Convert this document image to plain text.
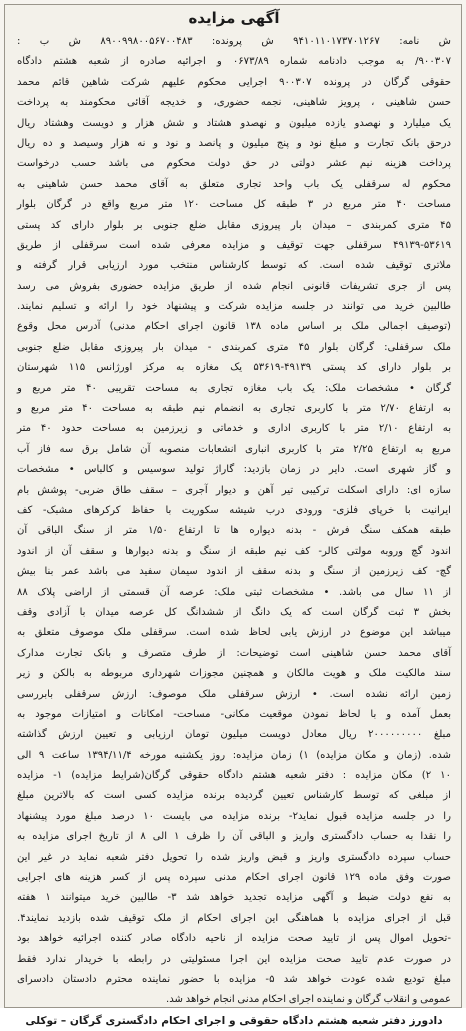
آگهی مزایده
ش نامه: ۹۴۱۰۱۱۰۱۷۳۷۰۱۲۶۷ ش پرونده: ۸۹۰۰۹۹۸۰۰۵۶۷۰۰۴۸۳ ش ب :
۹۰۰۳۰۷/ به موجب دادنامه شماره ۰۶۷۳/۸۹ و اجرائیه صادره از شعبه هشتم دادگاه
حقوقی گرگان در پرونده ۹۰۰۳۰۷ اجرایی محکوم علیهم شرکت شاهین قائم محمد
حسن شاهینی ، پرویز شاهینی، نجمه حضوری، و خدیجه آقائی محکومند به پرداخت
یک میلیارد و نهصدو یازده میلیون و نهصدو هشتاد و شش هزار و دویست وهشتاد ریال
درحق بانک تجارت و مبلغ نود و پنج میلیون و پانصد و نود و نه هزار وسیصد و ده ریال
پرداخت هزینه نیم عشر دولتی در حق دولت محکوم می باشد حسب درخواست
محکوم له سرقفلی یک باب واحد تجاری متعلق به آقای محمد حسن شاهینی به
مساحت ۴۰ متر مربع در ۳ طبقه کل مساحت ۱۲۰ متر مربع واقع در گرگان بلوار
۴۵ متری کمربندی – میدان بار پیروزی مقابل ضلع جنوبی بر بلوار دارای کد پستی
۴۹۱۳۹-۵۳۶۱۹ سرقفلی جهت توقیف و مزایده معرفی شده است سرقفلی از طریق
ملاتری توقیف شده است. که توسط کارشناس منتخب مورد ارزیابی قرار گرفته و
پس از جری تشریفات قانونی انجام شده از طریق مزایده حضوری بفروش می رسد
طالبین خرید می توانند در جلسه مزایده شرکت و پیشنهاد خود را ارائه و تسلیم نمایند.
(توصیف اجمالی ملک بر اساس ماده ۱۳۸ قانون اجرای احکام مدنی) آدرس محل وقوع
ملک سرقفلی: گرگان بلوار ۴۵ متری کمربندی - میدان بار پیروزی مقابل ضلع جنوبی
بر بلوار دارای کد پستی ۴۹۱۳۹-۵۳۶۱۹ یک مغازه به مرکز اورژانس ۱۱۵ شهرستان
گرگان • مشخصات ملک: یک باب مغازه تجاری به مساحت تقریبی ۴۰ متر مربع و
به ارتفاع ۲/۷۰ متر با کاربری تجاری به انضمام نیم طبقه به مساحت ۴۰ متر مربع و
به ارتفاع ۲/۱۰ متر با کاربری اداری و خدماتی و زیرزمین به مساحت حدود ۴۰ متر
مربع به ارتفاع ۲/۲۵ متر با کاربری انباری انشعابات منصوبه آن شامل برق سه فاز آب
و گاز شهری است. دایر در زمان بازدید: گاراژ تولید سوسیس و کالباس • مشخصات
سازه ای: دارای اسکلت ترکیبی تیر آهن و دیوار آجری – سقف طاق ضربی- پوشش بام
ایرانیت با خرپای فلزی- ورودی درب شیشه سکوریت با حفاظ کرکرهای مشبک- کف
طبقه همکف سنگ فرش - بدنه دیواره ها تا ارتفاع ۱/۵۰ متر از سنگ الباقی آن
اندود گچ وروبه مولتی کالر- کف نیم طبقه از سنگ و بدنه دیوارها و سقف آن از اندود
گچ- کف زیرزمین از سنگ و بدنه سقف از اندود سیمان سفید می باشد عمر بنا بیش
از ۱۱ سال می باشد. • مشخصات ثبتی ملک: عرصه آن قسمتی از اراضی پلاک ۸۸
بخش ۳ ثبت گرگان است که یک دانگ از ششدانگ کل عرصه میدان با آزادی وقف
میباشد این موضوع در ارزش یابی لحاظ شده است. سرقفلی ملک موصوف متعلق به
آقای محمد حسن شاهینی است توضیحات: از طرف متصرف و بانک تجارت مدارک
سند مالکیت ملک و هویت مالکان و همچنین مجوزات شهرداری مربوطه به بالکن و زیر
زمین ارائه نشده است. • ارزش سرقفلی ملک موصوف: ارزش سرقفلی بابررسی
بعمل آمده و با لحاظ نمودن موقعیت مکانی- مساحت- امکانات و امتیازات موجود به
مبلغ ۲۰۰۰۰۰۰۰۰۰ ریال معادل دویست میلیون تومان ارزیابی و تعیین ارزش گذاشته
شده. (زمان و مکان مزایده) ۱) زمان مزایده: روز یکشنبه مورخه ۱۳۹۴/۱۱/۴ ساعت ۹ الی
۱۰ ۲) مکان مزایده : دفتر شعبه هشتم دادگاه حقوقی گرگان(شرایط مزایده) ۱- مزایده
از مبلغی که توسط کارشناس تعیین گردیده برنده مزایده کسی است که بالاترین مبلغ
را در جلسه مزایده قبول نماید۲- برنده مزایده می بایست ۱۰ درصد مبلغ مورد پیشنهاد
را نقدا به حساب دادگستری واریز و الباقی آن را ظرف ۱ الی ۸ از تاریخ اجرای مزایده به
حساب سپرده دادگستری واریز و قبض واریز شده را تحویل دفتر شعبه نماید در غیر این
صورت وفق ماده ۱۲۹ قانون اجرای احکام مدنی سپرده پس از کسر هزینه های اجرایی
به نفع دولت ضبط و آگهی مزایده تجدید خواهد شد ۳- طالبین خرید میتوانند ۱ هفته
قبل از اجرای مزایده با هماهنگی این اجرای احکام از ملک توقیف شده بازدید نمایند۴.
-تحویل اموال پس از تایید صحت مزایده از ناحیه دادگاه صادر کننده اجرائیه خواهد بود
در صورت عدم تایید صحت مزایده این اجرا مسئولیتی در رابطه با خریدار ندارد فقط
مبلغ تودیع شده عودت خواهد شد ۵- مزایده با حضور نماینده محترم دادستان دادسرای
عمومی و انقلاب گرگان و نماینده اجرای احکام مدنی انجام خواهد شد.
دادورز دفتر شعبه هشتم دادگاه حقوقی و اجرای احکام دادگستری گرگان – توکلی
